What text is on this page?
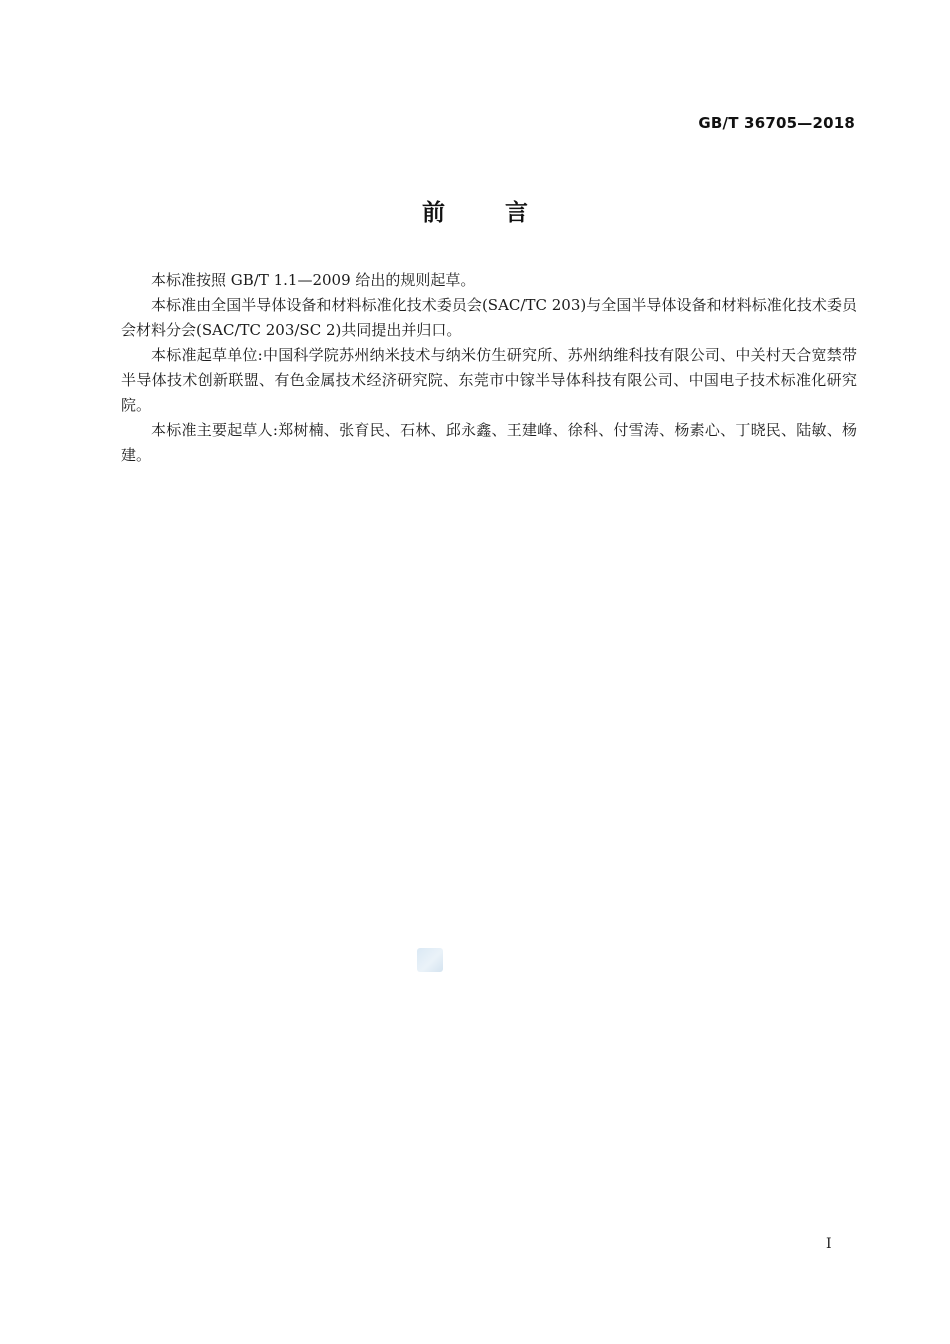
GB/T 36705—2018
前言

本标准按照 GB/T 1.1—2009 给出的规则起草。

本标准由全国半导体设备和材料标准化技术委员会(SAC/TC 203)与全国半导体设备和材料标准化技术委员会材料分会(SAC/TC 203/SC 2)共同提出并归口。

本标准起草单位:中国科学院苏州纳米技术与纳米仿生研究所、苏州纳维科技有限公司、中关村天合宽禁带半导体技术创新联盟、有色金属技术经济研究院、东莞市中镓半导体科技有限公司、中国电子技术标准化研究院。

本标准主要起草人:郑树楠、张育民、石林、邱永鑫、王建峰、徐科、付雪涛、杨素心、丁晓民、陆敏、杨建。

I
